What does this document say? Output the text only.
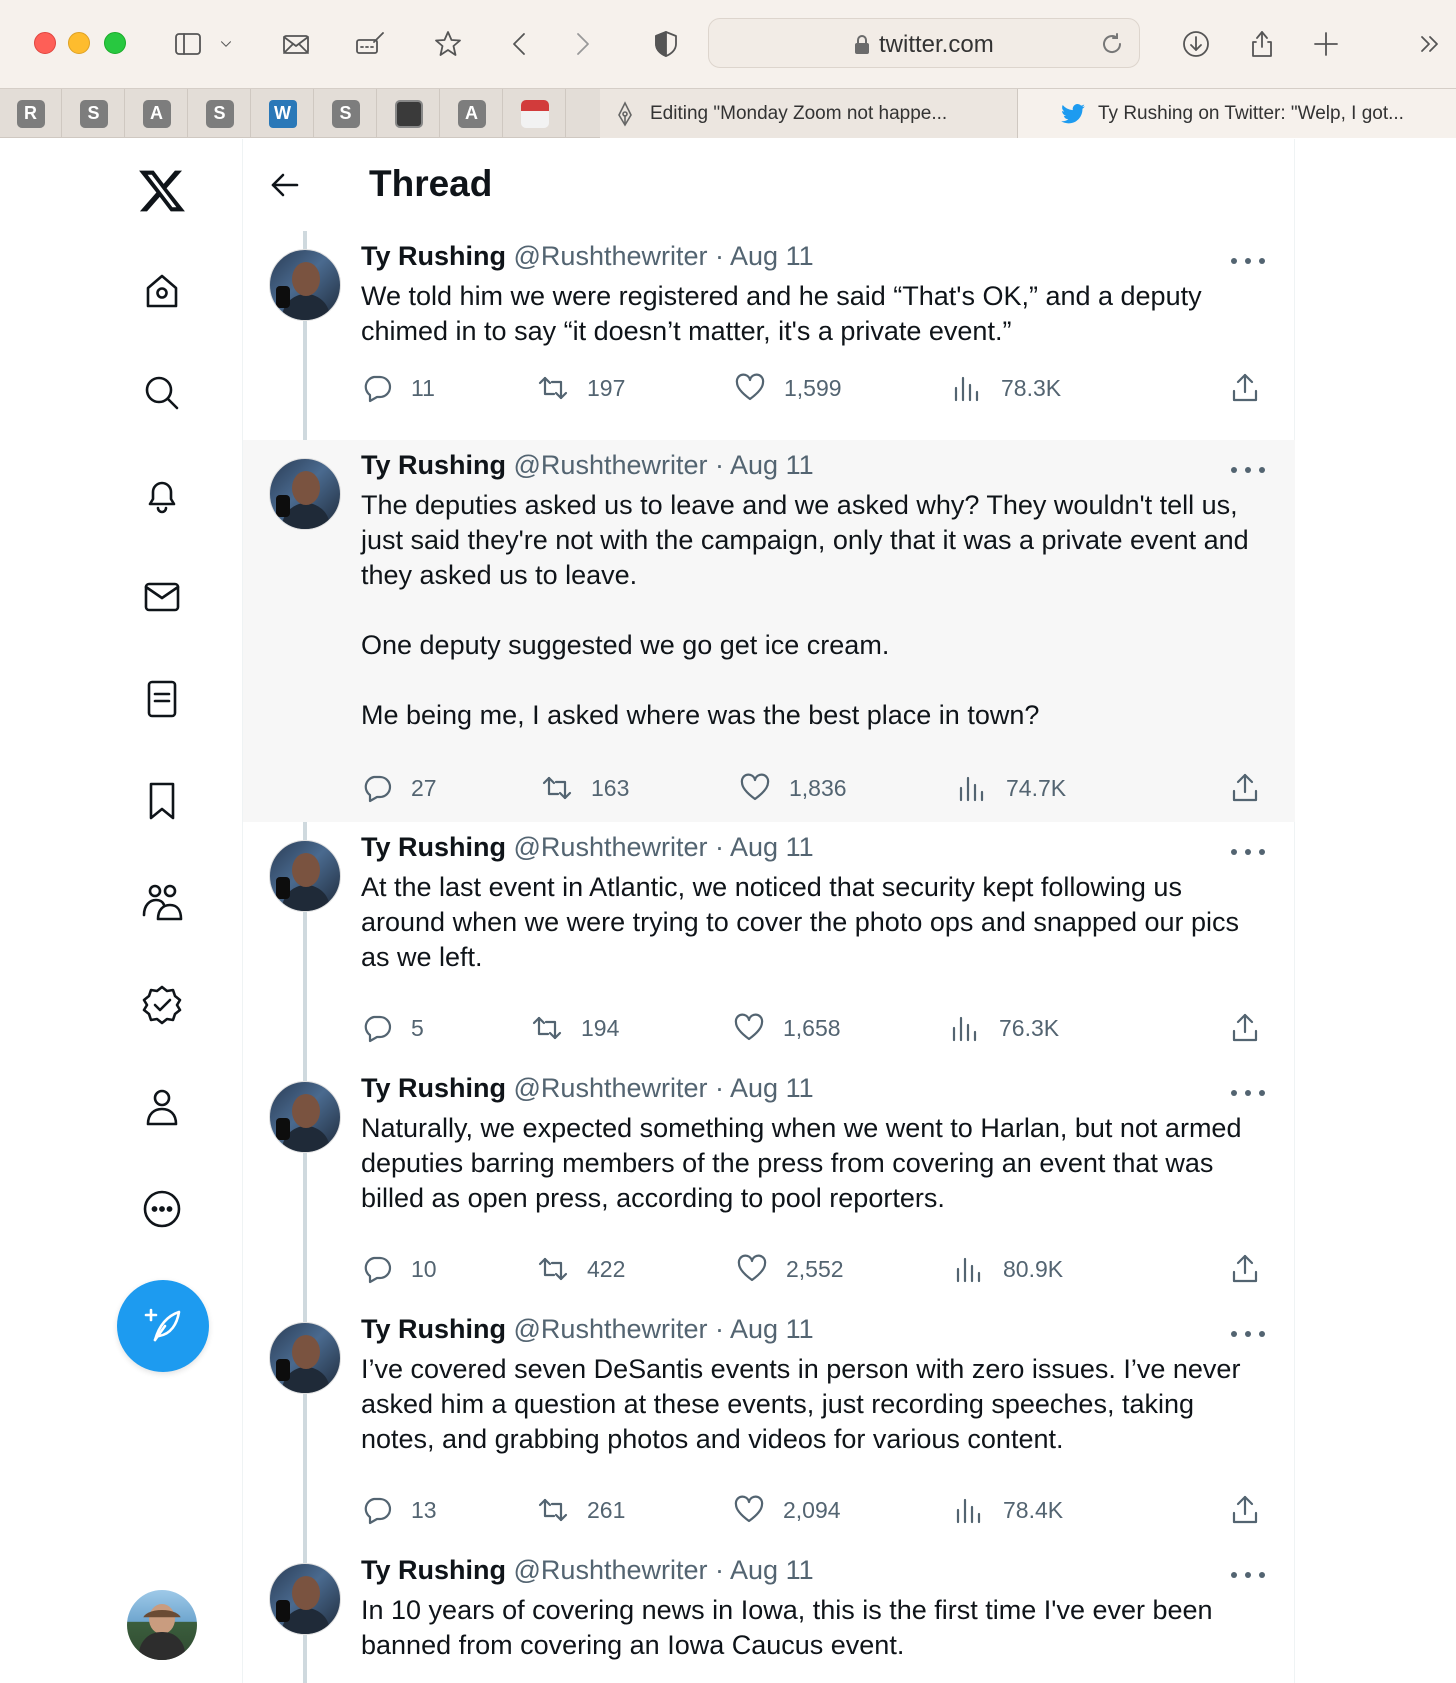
twitter.com
R	S	A	S	W	S	A	Editing "Monday Zoom not happe...	Ty Rushing on Twitter: "Welp, I got...
Thread
Ty Rushing @Rushthewriter · Aug 11

We told him we were registered and he said “That's OK,” and a deputy chimed in to say “it doesn’t matter, it's a private event.”

11	197	1,599	78.3K
Ty Rushing @Rushthewriter · Aug 11

The deputies asked us to leave and we asked why? They wouldn't tell us, just said they're not with the campaign, only that it was a private event and they asked us to leave.

One deputy suggested we go get ice cream.

Me being me, I asked where was the best place in town?

27	163	1,836	74.7K
Ty Rushing @Rushthewriter · Aug 11

At the last event in Atlantic, we noticed that security kept following us around when we were trying to cover the photo ops and snapped our pics as we left.

5	194	1,658	76.3K
Ty Rushing @Rushthewriter · Aug 11

Naturally, we expected something when we went to Harlan, but not armed deputies barring members of the press from covering an event that was billed as open press, according to pool reporters.

10	422	2,552	80.9K
Ty Rushing @Rushthewriter · Aug 11

I’ve covered seven DeSantis events in person with zero issues. I’ve never asked him a question at these events, just recording speeches, taking notes, and grabbing photos and videos for various content.

13	261	2,094	78.4K
Ty Rushing @Rushthewriter · Aug 11

In 10 years of covering news in Iowa, this is the first time I've ever been banned from covering an Iowa Caucus event.
